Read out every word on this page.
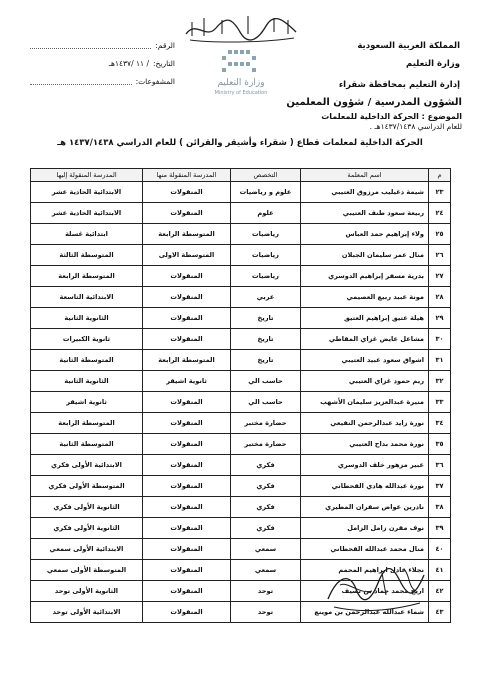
وزارة التعليم
Ministry of Education
المملكة العربية السعودية
وزارة التعليم
إدارة التعليم بمحافظة شقراء
الرقم:
التاريخ:
/ ١١ /١٤٣٧هـ
المشفوعات:
الشؤون المدرسية / شؤون المعلمين
الموضوع : الحركة الداخلية للمعلمات
للعام الدراسي ١٤٣٧/١٤٣٨هـ .
الحركة الداخلية لمعلمات قطاع ( شقراء وأشيقر والقرائن ) للعام الدراسي ١٤٣٧/١٤٣٨ هـ
م	اسم المعلمة	التخصص	المدرسة المنقولة منها	المدرسة المنقولة إليها
٢٣	شيمة دغيليب مرزوق العتيبي	علوم و رياضيات	المنقولات	الابتدائية الحادية عشر
٢٤	ربيعة سعود طنف العتيبي	علوم	المنقولات	الابتدائية الحادية عشر
٢٥	ولاء إبراهيم حمد العباس	رياضيات	المتوسطة الرابعة	ابتدائية غسلة
٢٦	منال عمر سليمان الجبلان	رياضيات	المتوسطة الاولى	المتوسطة الثالثة
٢٧	بدرية مسفر إبراهيم الدوسري	رياضيات	المنقولات	المتوسطة الرابعة
٢٨	مونة عبيد ربيع العصيمي	عربي	المنقولات	الابتدائية التاسعة
٢٩	هيلة عتيق إبراهيم العتيق	تاريخ	المنقولات	الثانوية الثانية
٣٠	مشاعل عايض غزاي المقاطي	تاريخ	المنقولات	ثانوية الكبيرات
٣١	اشواق سعود عبيد العتيبي	تاريخ	المتوسطة الرابعة	المتوسطة الثانية
٣٢	ريم حمود غزاي العتيبي	حاسب الي	ثانوية اشيقر	الثانوية الثانية
٣٣	منيرة عبدالعزيز سليمان الأشهب	حاسب الي	المنقولات	ثانوية اشيقر
٣٤	نورة زايد عبدالرحمن النفيعي	حضارة مختبر	المنقولات	المتوسطة الرابعة
٣٥	نورة محمد بداح العتيبي	حضارة مختبر	المنقولات	المتوسطة الثانية
٣٦	عبير مزهور خلف الدوسري	فكري	المنقولات	الابتدائية الأولى فكري
٣٧	نورة عبدالله هادي القحطاني	فكري	المنقولات	المتوسطة الأولى فكري
٣٨	نادرين عواض سفران المطيري	فكري	المنقولات	الثانوية الأولى فكري
٣٩	نوف مقرن زامل الزامل	فكري	المنقولات	الثانوية الأولى فكري
٤٠	منال محمد عبدالله القحطاني	سمعي	المنقولات	الابتدائية الأولى سمعي
٤١	نجلاء عادل ابراهيم المحمم	سمعي	المنقولات	المتوسطة الأولى سمعي
٤٢	اريج محمد حماد بن نصيف	توحد	المنقولات	الثانوية الأولى توحد
٤٣	شماء عبدالله عبدالرحمن بن موينع	توحد	المنقولات	الابتدائية الأولى توحد
